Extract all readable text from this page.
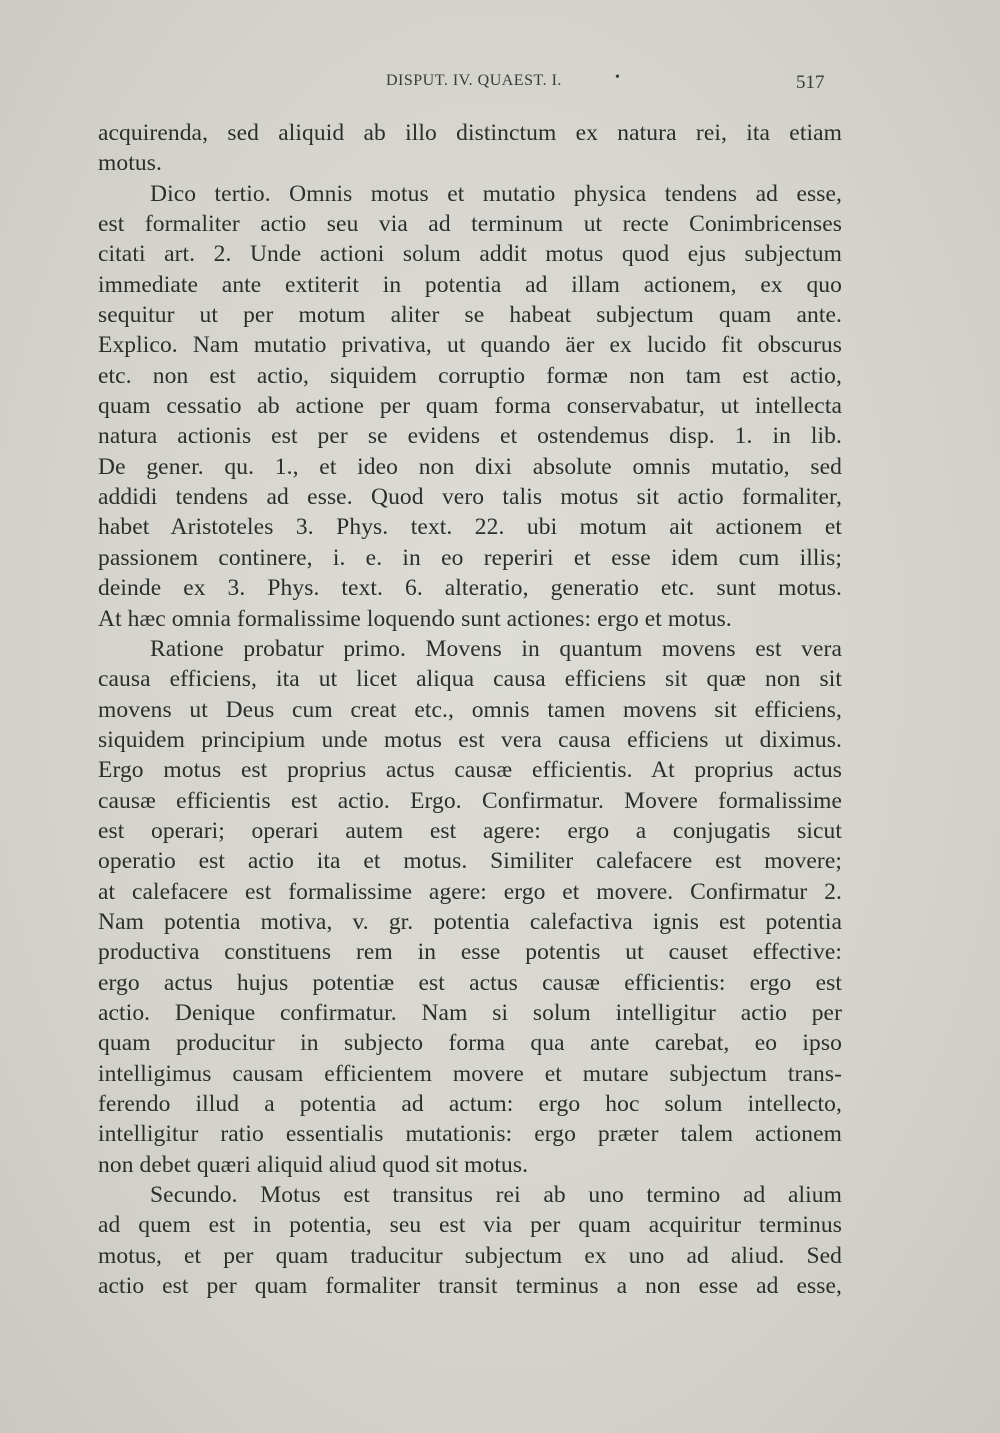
DISPUT. IV. QUAEST. I.	•	517
acquirenda, sed aliquid ab illo distinctum ex natura rei, ita etiam
motus.
Dico tertio. Omnis motus et mutatio physica tendens ad esse,
est formaliter actio seu via ad terminum ut recte Conimbricenses
citati art. 2. Unde actioni solum addit motus quod ejus subjectum
immediate ante extiterit in potentia ad illam actionem, ex quo
sequitur ut per motum aliter se habeat subjectum quam ante.
Explico. Nam mutatio privativa, ut quando äer ex lucido fit obscurus
etc. non est actio, siquidem corruptio formæ non tam est actio,
quam cessatio ab actione per quam forma conservabatur, ut intellecta
natura actionis est per se evidens et ostendemus disp. 1. in lib.
De gener. qu. 1., et ideo non dixi absolute omnis mutatio, sed
addidi tendens ad esse. Quod vero talis motus sit actio formaliter,
habet Aristoteles 3. Phys. text. 22. ubi motum ait actionem et
passionem continere, i. e. in eo reperiri et esse idem cum illis;
deinde ex 3. Phys. text. 6. alteratio, generatio etc. sunt motus.
At hæc omnia formalissime loquendo sunt actiones: ergo et motus.
Ratione probatur primo. Movens in quantum movens est vera
causa efficiens, ita ut licet aliqua causa efficiens sit quæ non sit
movens ut Deus cum creat etc., omnis tamen movens sit efficiens,
siquidem principium unde motus est vera causa efficiens ut diximus.
Ergo motus est proprius actus causæ efficientis. At proprius actus
causæ efficientis est actio. Ergo. Confirmatur. Movere formalissime
est operari; operari autem est agere: ergo a conjugatis sicut
operatio est actio ita et motus. Similiter calefacere est movere;
at calefacere est formalissime agere: ergo et movere. Confirmatur 2.
Nam potentia motiva, v. gr. potentia calefactiva ignis est potentia
productiva constituens rem in esse potentis ut causet effective:
ergo actus hujus potentiæ est actus causæ efficientis: ergo est
actio. Denique confirmatur. Nam si solum intelligitur actio per
quam producitur in subjecto forma qua ante carebat, eo ipso
intelligimus causam efficientem movere et mutare subjectum trans-
ferendo illud a potentia ad actum: ergo hoc solum intellecto,
intelligitur ratio essentialis mutationis: ergo præter talem actionem
non debet quæri aliquid aliud quod sit motus.
Secundo. Motus est transitus rei ab uno termino ad alium
ad quem est in potentia, seu est via per quam acquiritur terminus
motus, et per quam traducitur subjectum ex uno ad aliud. Sed
actio est per quam formaliter transit terminus a non esse ad esse,
